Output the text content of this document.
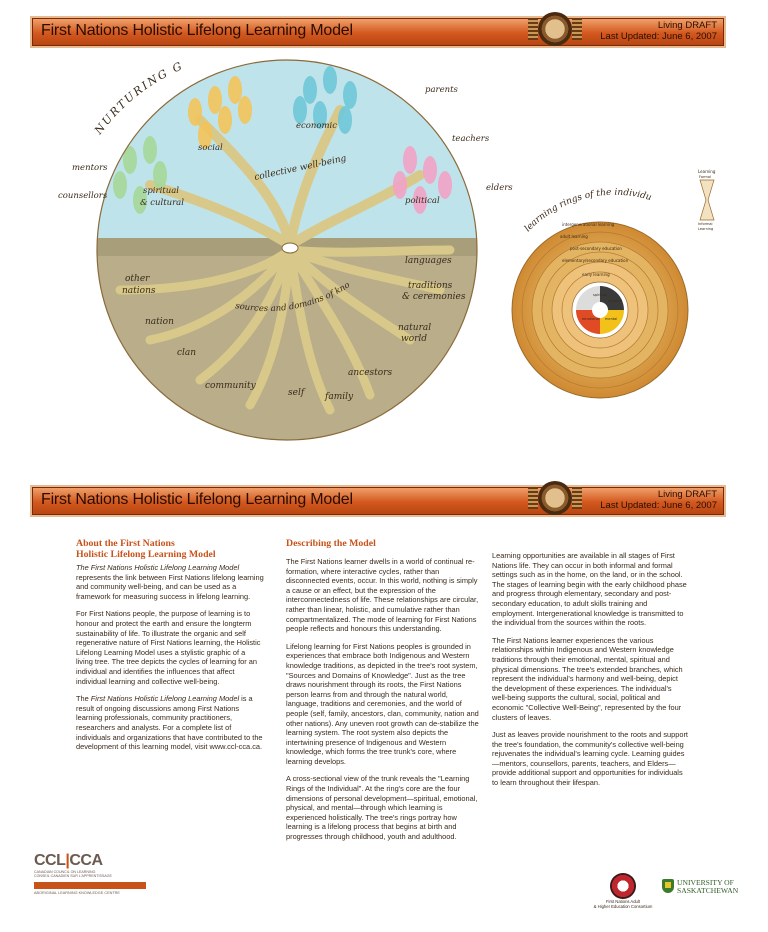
First Nations Holistic Lifelong Learning Model	Living DRAFT
Last Updated: June 6, 2007
NURTURING G
mentors
counsellors
parents
teachers
elders
social
economic
spiritual
& cultural
collective well-being
political
sources and domains of kno
languages
traditions
& ceremonies
other
nations
nation
clan
natural
world
community
ancestors
self family
learning rings of the individu
intergenerational learning
adult learning
post-secondary education
elementary/secondary education
early learning
spiritual
physical
emotional mental
Learning
Formal
Informal
Learning
First Nations Holistic Lifelong Learning Model	Living DRAFT
Last Updated: June 6, 2007
About the First Nations
Holistic Lifelong Learning Model

The First Nations Holistic Lifelong Learning Model represents the link between First Nations lifelong learning and community well-being, and can be used as a framework for measuring success in lifelong learning.

For First Nations people, the purpose of learning is to honour and protect the earth and ensure the longterm sustainability of life. To illustrate the organic and self regenerative nature of First Nations learning, the Holistic Lifelong Learning Model uses a stylistic graphic of a living tree. The tree depicts the cycles of learning for an individual and identifies the influences that affect individual learning and collective well-being.

The First Nations Holistic Lifelong Learning Model is a result of ongoing discussions among First Nations learning professionals, community practitioners, researchers and analysts. For a complete list of individuals and organizations that have contributed to the development of this learning model, visit www.ccl-cca.ca.

Describing the Model

The First Nations learner dwells in a world of continual re-formation, where interactive cycles, rather than disconnected events, occur. In this world, nothing is simply a cause or an effect, but the expression of the interconnectedness of life. These relationships are circular, rather than linear, holistic, and cumulative rather than compartmentalized. The mode of learning for First Nations people reflects and honours this understanding.

Lifelong learning for First Nations peoples is grounded in experiences that embrace both Indigenous and Western knowledge traditions, as depicted in the tree's root system, "Sources and Domains of Knowledge". Just as the tree draws nourishment through its roots, the First Nations person learns from and through the natural world, language, traditions and ceremonies, and the world of people (self, family, ancestors, clan, community, nation and other nations). Any uneven root growth can de-stabilize the learning system. The root system also depicts the intertwining presence of Indigenous and Western knowledge, which forms the tree trunk's core, where learning develops.

A cross-sectional view of the trunk reveals the "Learning Rings of the Individual". At the ring's core are the four dimensions of personal development—spiritual, emotional, physical, and mental—through which learning is experienced holistically. The tree's rings portray how learning is a lifelong process that begins at birth and progresses through childhood, youth and adulthood.

Learning opportunities are available in all stages of First Nations life. They can occur in both informal and formal settings such as in the home, on the land, or in the school. The stages of learning begin with the early childhood phase and progress through elementary, secondary and post-secondary education, to adult skills training and employment. Intergenerational knowledge is transmitted to the individual from the sources within the roots.

The First Nations learner experiences the various relationships within Indigenous and Western knowledge traditions through their emotional, mental, spiritual and physical dimensions. The tree's extended branches, which represent the individual's harmony and well-being, depict the development of these experiences. The individual's well-being supports the cultural, social, political and economic "Collective Well-Being", represented by the four clusters of leaves.

Just as leaves provide nourishment to the roots and support the tree's foundation, the community's collective well-being rejuvenates the individual's learning cycle. Learning guides—mentors, counsellors, parents, teachers, and Elders—provide additional support and opportunities for individuals to learn throughout their lifespan.

CCL|CCA
CANADIAN COUNCIL ON LEARNING
CONSEIL CANADIEN SUR L'APPRENTISSAGE
ABORIGINAL LEARNING KNOWLEDGE CENTRE
First Nations Adult
& Higher Education Consortium
UNIVERSITY OF
SASKATCHEWAN
